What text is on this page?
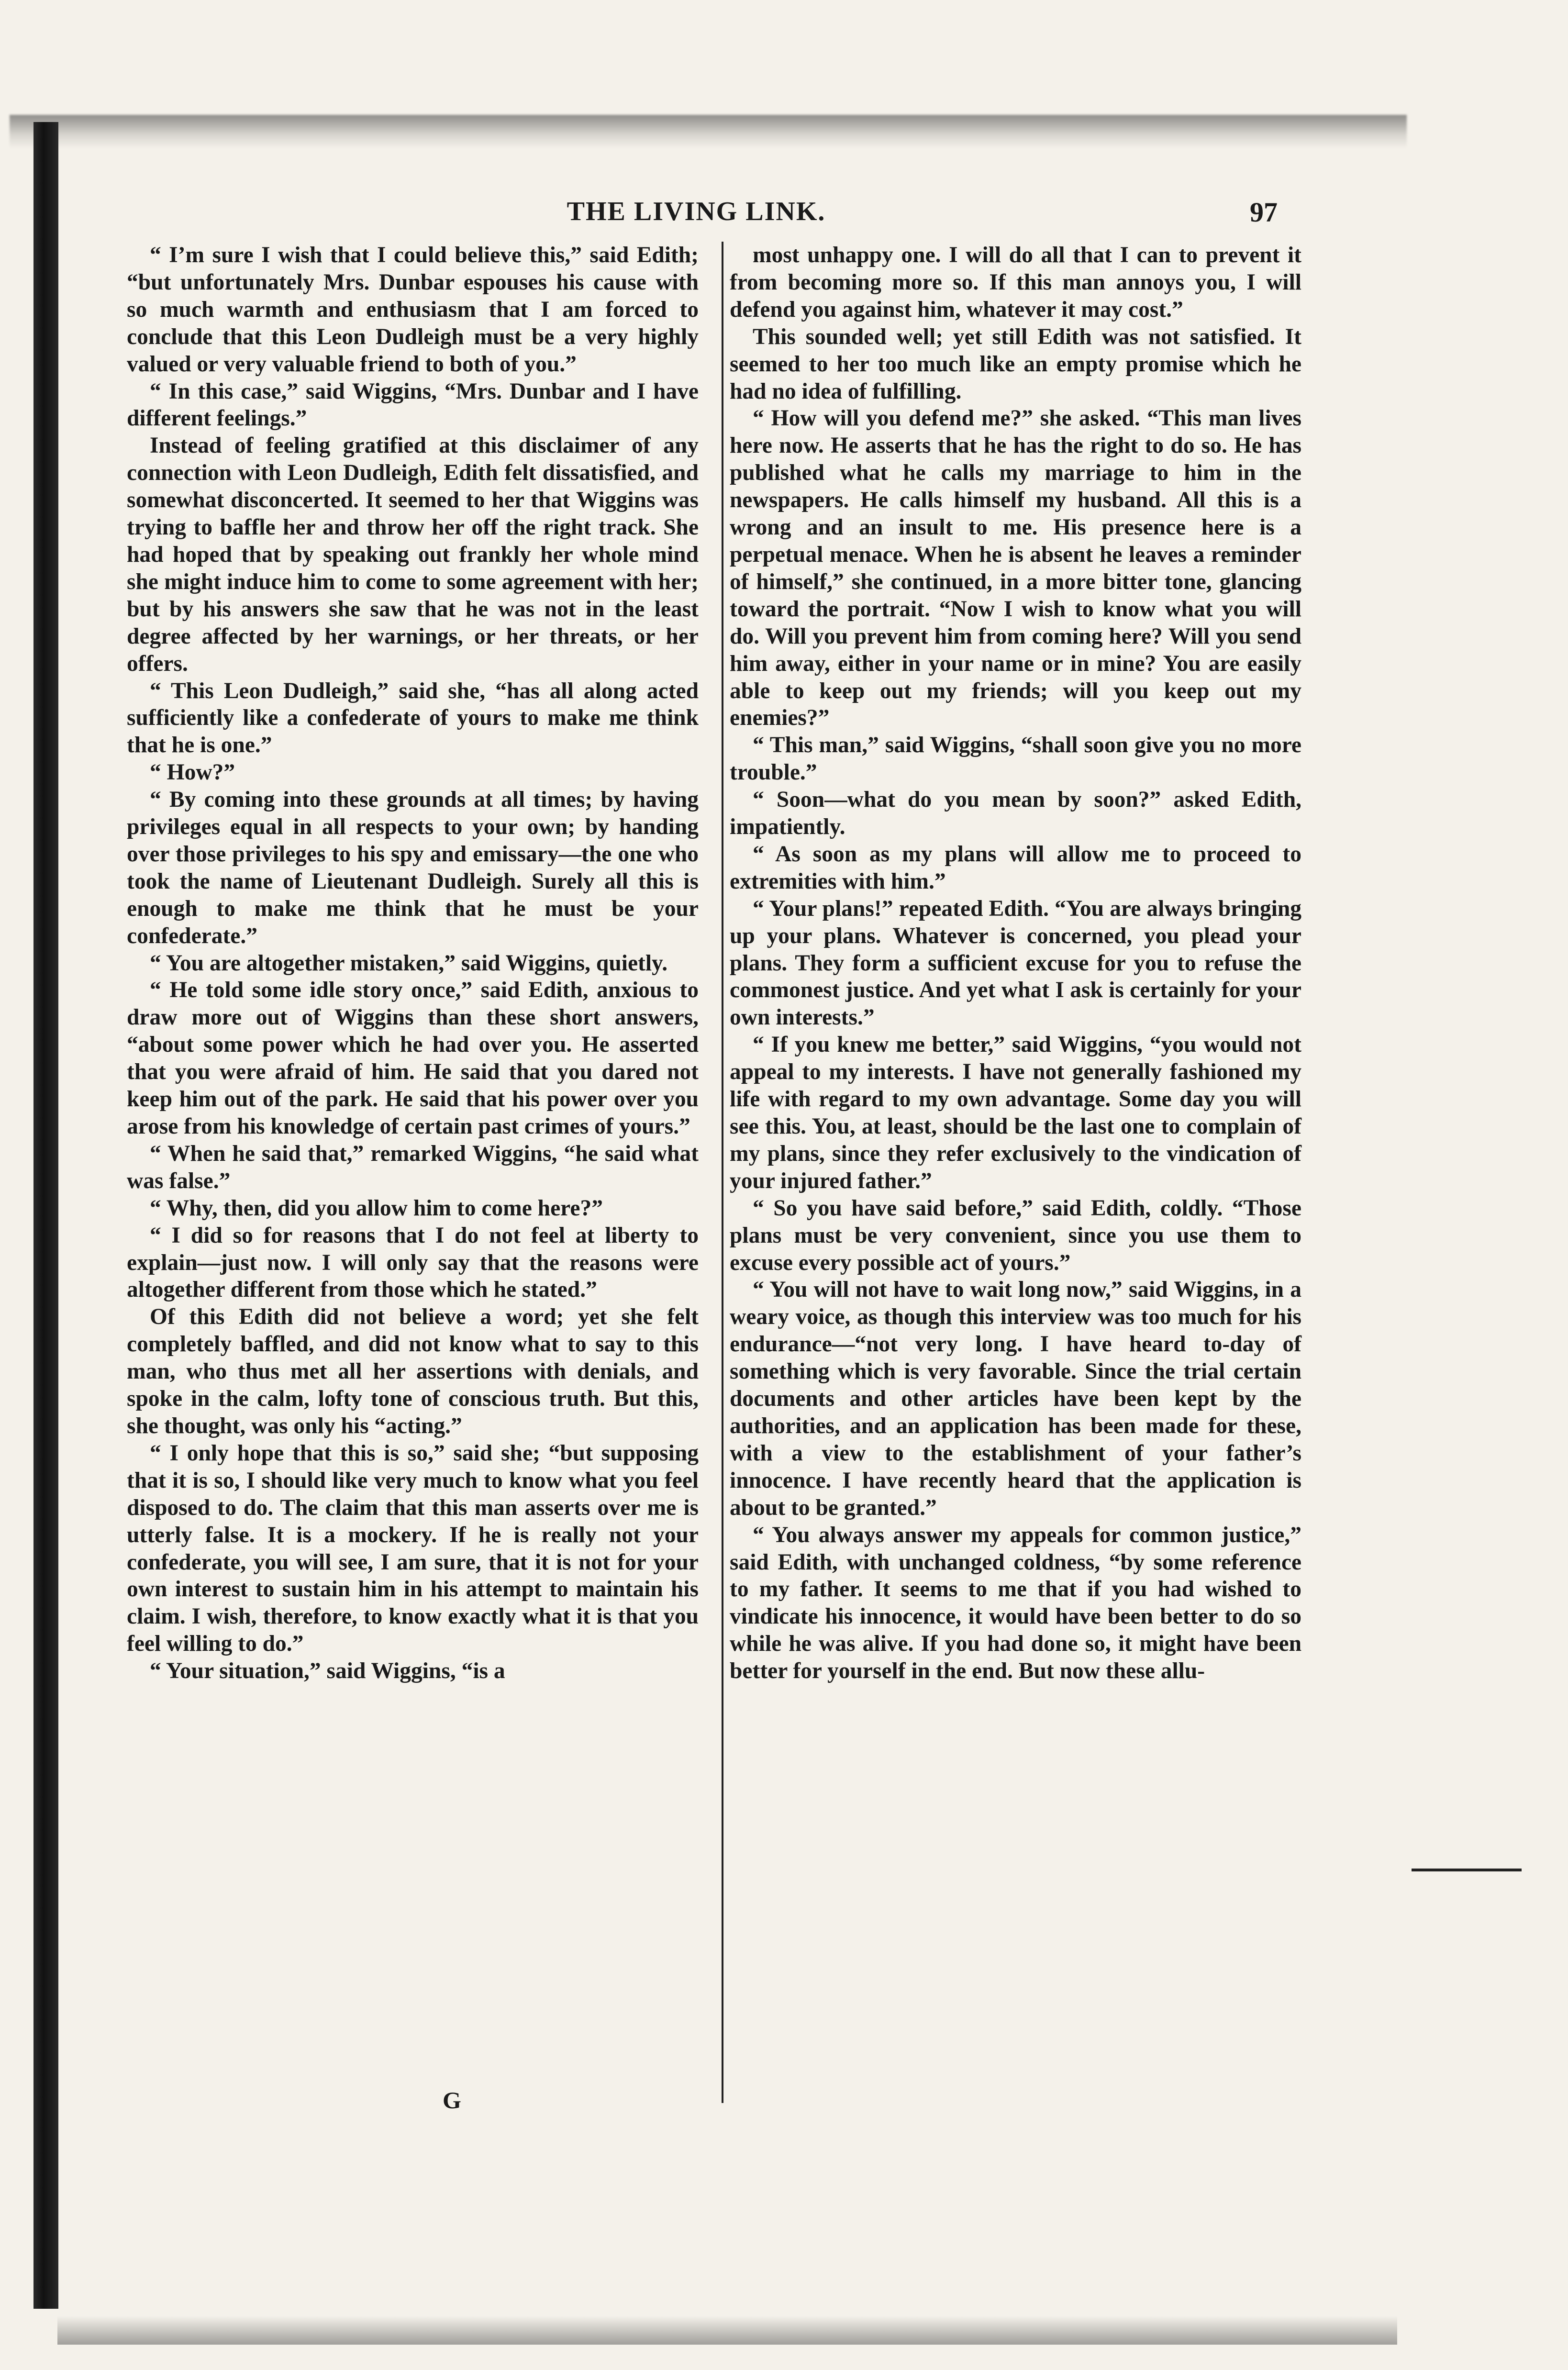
THE LIVING LINK.	97

“ I’m sure I wish that I could believe this,” said Edith; “but unfortunately Mrs. Dunbar espouses his cause with so much warmth and enthusiasm that I am forced to conclude that this Leon Dudleigh must be a very highly valued or very valuable friend to both of you.”

“ In this case,” said Wiggins, “Mrs. Dunbar and I have different feelings.”

Instead of feeling gratified at this disclaimer of any connection with Leon Dudleigh, Edith felt dissatisfied, and somewhat disconcerted. It seemed to her that Wiggins was trying to baffle her and throw her off the right track. She had hoped that by speaking out frankly her whole mind she might induce him to come to some agreement with her; but by his answers she saw that he was not in the least degree affected by her warnings, or her threats, or her offers.

“ This Leon Dudleigh,” said she, “has all along acted sufficiently like a confederate of yours to make me think that he is one.”

“ How?”

“ By coming into these grounds at all times; by having privileges equal in all respects to your own; by handing over those privileges to his spy and emissary—the one who took the name of Lieutenant Dudleigh. Surely all this is enough to make me think that he must be your confederate.”

“ You are altogether mistaken,” said Wiggins, quietly.

“ He told some idle story once,” said Edith, anxious to draw more out of Wiggins than these short answers, “about some power which he had over you. He asserted that you were afraid of him. He said that you dared not keep him out of the park. He said that his power over you arose from his knowledge of certain past crimes of yours.”

“ When he said that,” remarked Wiggins, “he said what was false.”

“ Why, then, did you allow him to come here?”

“ I did so for reasons that I do not feel at liberty to explain—just now. I will only say that the reasons were altogether different from those which he stated.”

Of this Edith did not believe a word; yet she felt completely baffled, and did not know what to say to this man, who thus met all her assertions with denials, and spoke in the calm, lofty tone of conscious truth. But this, she thought, was only his “acting.”

“ I only hope that this is so,” said she; “but supposing that it is so, I should like very much to know what you feel disposed to do. The claim that this man asserts over me is utterly false. It is a mockery. If he is really not your confederate, you will see, I am sure, that it is not for your own interest to sustain him in his attempt to maintain his claim. I wish, therefore, to know exactly what it is that you feel willing to do.”

“ Your situation,” said Wiggins, “is a

most unhappy one. I will do all that I can to prevent it from becoming more so. If this man annoys you, I will defend you against him, whatever it may cost.”

This sounded well; yet still Edith was not satisfied. It seemed to her too much like an empty promise which he had no idea of fulfilling.

“ How will you defend me?” she asked. “This man lives here now. He asserts that he has the right to do so. He has published what he calls my marriage to him in the newspapers. He calls himself my husband. All this is a wrong and an insult to me. His presence here is a perpetual menace. When he is absent he leaves a reminder of himself,” she continued, in a more bitter tone, glancing toward the portrait. “Now I wish to know what you will do. Will you prevent him from coming here? Will you send him away, either in your name or in mine? You are easily able to keep out my friends; will you keep out my enemies?”

“ This man,” said Wiggins, “shall soon give you no more trouble.”

“ Soon—what do you mean by soon?” asked Edith, impatiently.

“ As soon as my plans will allow me to proceed to extremities with him.”

“ Your plans!” repeated Edith. “You are always bringing up your plans. Whatever is concerned, you plead your plans. They form a sufficient excuse for you to refuse the commonest justice. And yet what I ask is certainly for your own interests.”

“ If you knew me better,” said Wiggins, “you would not appeal to my interests. I have not generally fashioned my life with regard to my own advantage. Some day you will see this. You, at least, should be the last one to complain of my plans, since they refer exclusively to the vindication of your injured father.”

“ So you have said before,” said Edith, coldly. “Those plans must be very convenient, since you use them to excuse every possible act of yours.”

“ You will not have to wait long now,” said Wiggins, in a weary voice, as though this interview was too much for his endurance—“not very long. I have heard to-day of something which is very favorable. Since the trial certain documents and other articles have been kept by the authorities, and an application has been made for these, with a view to the establishment of your father’s innocence. I have recently heard that the application is about to be granted.”

“ You always answer my appeals for common justice,” said Edith, with unchanged coldness, “by some reference to my father. It seems to me that if you had wished to vindicate his innocence, it would have been better to do so while he was alive. If you had done so, it might have been better for yourself in the end. But now these allu-

G
